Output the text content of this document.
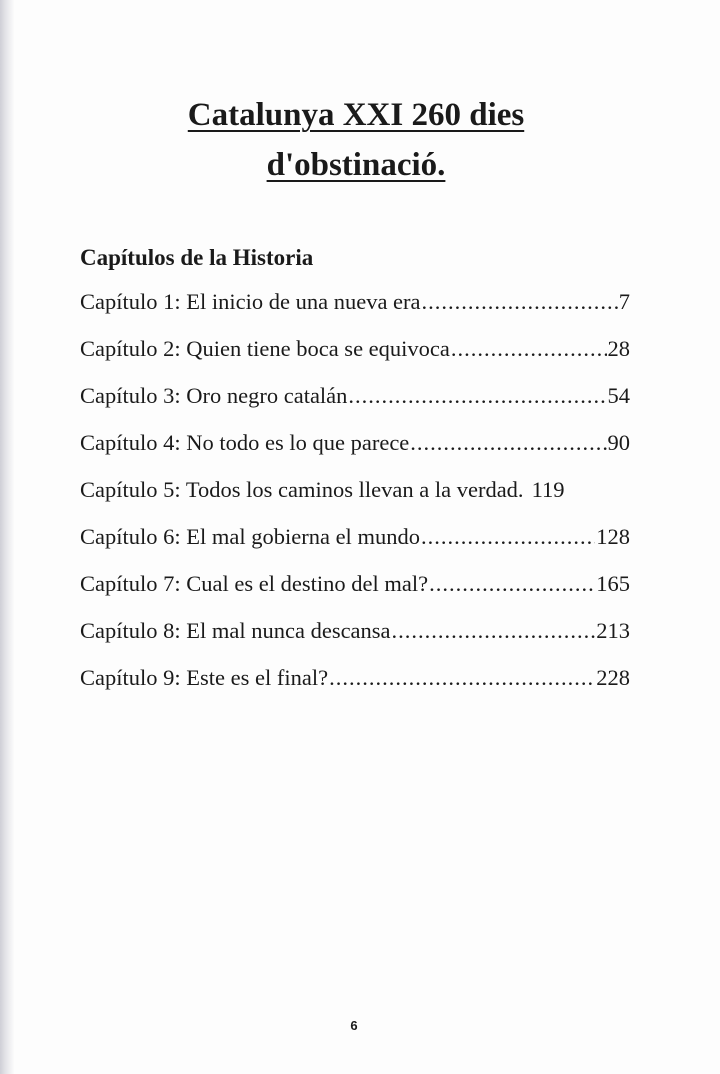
Catalunya XXI 260 dies
d'obstinació.
Capítulos de la Historia
Capítulo 1: El inicio de una nueva era .....	7
Capítulo 2: Quien tiene boca se equivoca .....	28
Capítulo 3: Oro negro catalán .....	54
Capítulo 4: No todo es lo que parece .....	90
Capítulo 5: Todos los caminos llevan a la verdad. 119
Capítulo 6: El mal gobierna el mundo .....	128
Capítulo 7: Cual es el destino del mal? .....	165
Capítulo 8: El mal nunca descansa .....	213
Capítulo 9: Este es el final? .....	228
6
